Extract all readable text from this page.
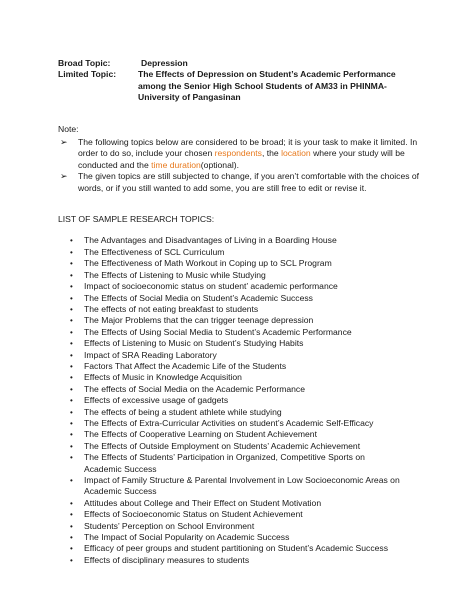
Broad Topic:	Depression
Limited Topic:	The Effects of Depression on Student’s Academic Performance among the Senior High School Students of AM33 in PHINMA- University of Pangasinan
Note:
➢	The following topics below are considered to be broad; it is your task to make it limited. In order to do so, include your chosen respondents, the location where your study will be conducted and the time duration(optional).
➢	The given topics are still subjected to change, if you aren’t comfortable with the choices of words, or if you still wanted to add some, you are still free to edit or revise it.
LIST OF SAMPLE RESEARCH TOPICS:
•	The Advantages and Disadvantages of Living in a Boarding House
•	The Effectiveness of SCL Curriculum
•	The Effectiveness of Math Workout in Coping up to SCL Program
•	The Effects of Listening to Music while Studying
•	Impact of socioeconomic status on student’ academic performance
•	The Effects of Social Media on Student’s Academic Success
•	The effects of not eating breakfast to students
•	The Major Problems that the can trigger teenage depression
•	The Effects of Using Social Media to Student’s Academic Performance
•	Effects of Listening to Music on Student’s Studying Habits
•	Impact of SRA Reading Laboratory
•	Factors That Affect the Academic Life of the Students
•	Effects of Music in Knowledge Acquisition
•	The effects of Social Media on the Academic Performance
•	Effects of excessive usage of gadgets
•	The effects of being a student athlete while studying
•	The Effects of Extra-Curricular Activities on student’s Academic Self-Efficacy
•	The Effects of Cooperative Learning on Student Achievement
•	The Effects of Outside Employment on Students’ Academic Achievement
•	The Effects of Students’ Participation in Organized, Competitive Sports on Academic Success
•	Impact of Family Structure & Parental Involvement in Low Socioeconomic Areas on Academic Success
•	Attitudes about College and Their Effect on Student Motivation
•	Effects of Socioeconomic Status on Student Achievement
•	Students’ Perception on School Environment
•	The Impact of Social Popularity on Academic Success
•	Efficacy of peer groups and student partitioning on Student’s Academic Success
•	Effects of disciplinary measures to students
